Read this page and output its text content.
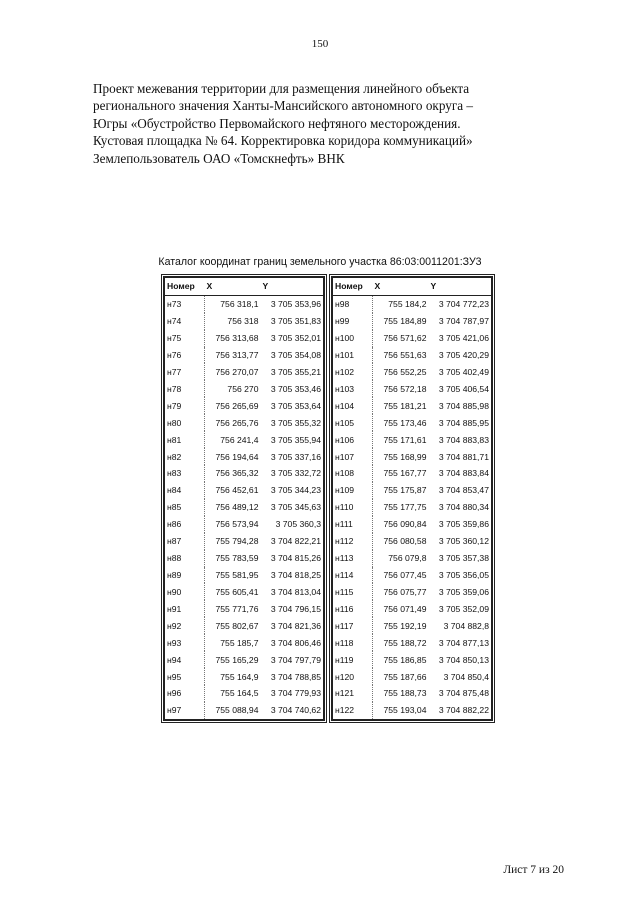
150
Проект межевания территории для размещения линейного объекта
регионального значения Ханты-Мансийского автономного округа –
Югры «Обустройство Первомайского нефтяного месторождения.
Кустовая площадка № 64. Корректировка коридора коммуникаций»
Землепользователь ОАО «Томскнефть» ВНК
Каталог координат границ земельного участка 86:03:0011201:ЗУ3
Номер	X	Y
н73	756 318,1	3 705 353,96
н74	756 318	3 705 351,83
н75	756 313,68	3 705 352,01
н76	756 313,77	3 705 354,08
н77	756 270,07	3 705 355,21
н78	756 270	3 705 353,46
н79	756 265,69	3 705 353,64
н80	756 265,76	3 705 355,32
н81	756 241,4	3 705 355,94
н82	756 194,64	3 705 337,16
н83	756 365,32	3 705 332,72
н84	756 452,61	3 705 344,23
н85	756 489,12	3 705 345,63
н86	756 573,94	3 705 360,3
н87	755 794,28	3 704 822,21
н88	755 783,59	3 704 815,26
н89	755 581,95	3 704 818,25
н90	755 605,41	3 704 813,04
н91	755 771,76	3 704 796,15
н92	755 802,67	3 704 821,36
н93	755 185,7	3 704 806,46
н94	755 165,29	3 704 797,79
н95	755 164,9	3 704 788,85
н96	755 164,5	3 704 779,93
н97	755 088,94	3 704 740,62
Номер	X	Y
н98	755 184,2	3 704 772,23
н99	755 184,89	3 704 787,97
н100	756 571,62	3 705 421,06
н101	756 551,63	3 705 420,29
н102	756 552,25	3 705 402,49
н103	756 572,18	3 705 406,54
н104	755 181,21	3 704 885,98
н105	755 173,46	3 704 885,95
н106	755 171,61	3 704 883,83
н107	755 168,99	3 704 881,71
н108	755 167,77	3 704 883,84
н109	755 175,87	3 704 853,47
н110	755 177,75	3 704 880,34
н111	756 090,84	3 705 359,86
н112	756 080,58	3 705 360,12
н113	756 079,8	3 705 357,38
н114	756 077,45	3 705 356,05
н115	756 075,77	3 705 359,06
н116	756 071,49	3 705 352,09
н117	755 192,19	3 704 882,8
н118	755 188,72	3 704 877,13
н119	755 186,85	3 704 850,13
н120	755 187,66	3 704 850,4
н121	755 188,73	3 704 875,48
н122	755 193,04	3 704 882,22
Лист 7 из 20
